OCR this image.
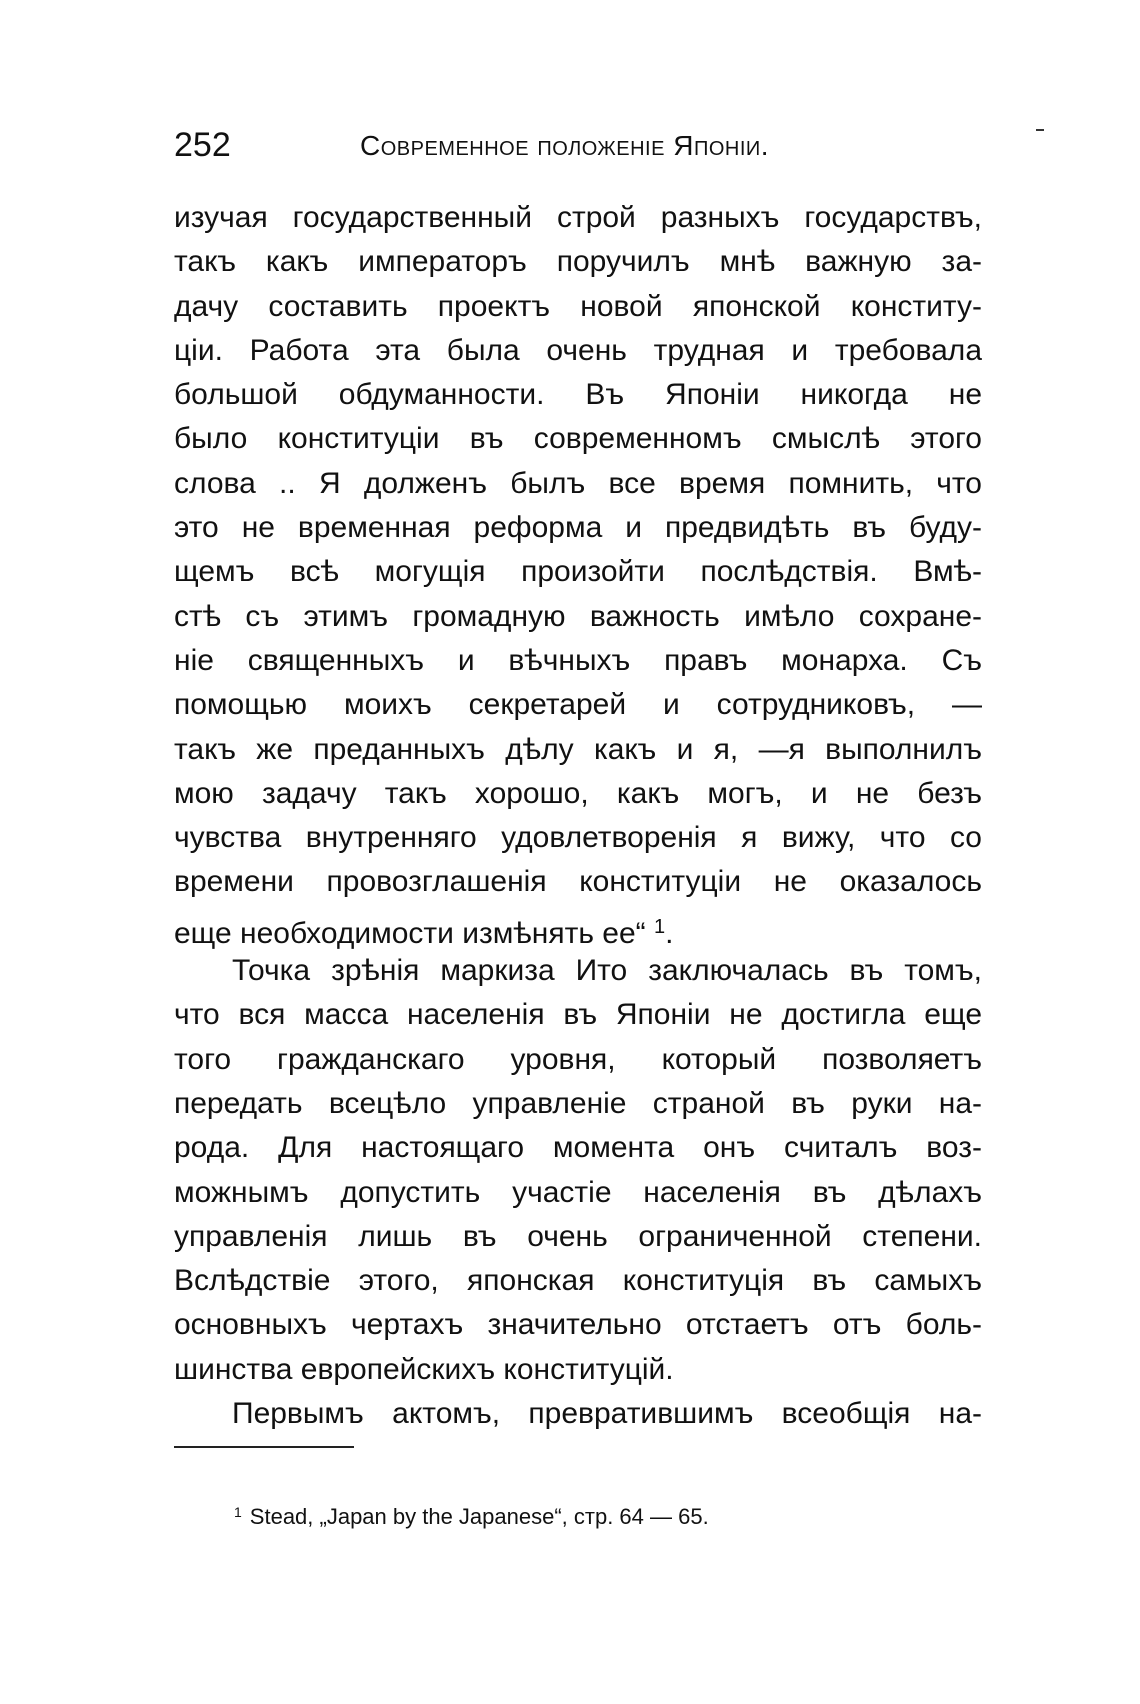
252	Современное положеніе Японіи.
изучая государственный строй разныхъ государствъ,
такъ какъ императоръ поручилъ мнѣ важную за-
дачу составить проектъ новой японской конститу-
ціи. Работа эта была очень трудная и требовала
большой обдуманности. Въ Японіи никогда не
было конституціи въ современномъ смыслѣ этого
слова .. Я долженъ былъ все время помнить, что
это не временная реформа и предвидѣть въ буду-
щемъ всѣ могущія произойти послѣдствія. Вмѣ-
стѣ съ этимъ громадную важность имѣло сохране-
ніе священныхъ и вѣчныхъ правъ монарха. Съ
помощью моихъ секретарей и сотрудниковъ, —
такъ же преданныхъ дѣлу какъ и я, —я выполнилъ
мою задачу такъ хорошо, какъ могъ, и не безъ
чувства внутренняго удовлетворенія я вижу, что со
времени провозглашенія конституціи не оказалось
еще необходимости измѣнять ее“ $^1$.
Точка зрѣнія маркиза Ито заключалась въ томъ,
что вся масса населенія въ Японіи не достигла еще
того гражданскаго уровня, который позволяетъ
передать всецѣло управленіе страной въ руки на-
рода. Для настоящаго момента онъ считалъ воз-
можнымъ допустить участіе населенія въ дѣлахъ
управленія лишь въ очень ограниченной степени.
Вслѣдствіе этого, японская конституція въ самыхъ
основныхъ чертахъ значительно отстаетъ отъ боль-
шинства европейскихъ конституцій.
Первымъ актомъ, превратившимъ всеобщія на-
$^1$ Stead, „Japan by the Japanese“, стр. 64 — 65.
